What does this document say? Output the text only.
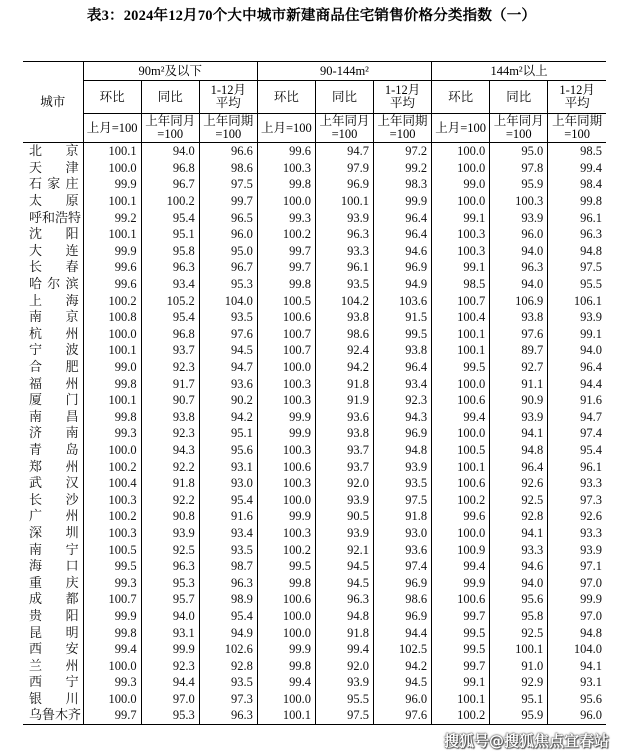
表3：2024年12月70个大中城市新建商品住宅销售价格分类指数（一）
城市	90m²及以下			90-144m²			144m²以上		
	环比	同比	1-12月平均	环比	同比	1-12月平均	环比	同比	1-12月平均
	上月=100	上年同月=100	上年同期=100	上月=100	上年同月=100	上年同期=100	上月=100	上年同月=100	上年同期=100
北京	100.1	94.0	96.6	99.6	94.7	97.2	100.0	95.0	98.5
天津	100.0	96.8	98.6	100.3	97.9	99.2	100.0	97.8	99.4
石家庄	99.9	96.7	97.5	99.8	96.9	98.3	99.0	95.9	98.4
太原	100.1	100.2	99.7	100.0	100.1	99.9	100.0	100.3	99.8
呼和浩特	99.2	95.4	96.5	99.3	93.9	96.4	99.1	93.9	96.1
沈阳	100.1	95.1	96.0	100.2	96.3	96.4	100.3	96.0	96.3
大连	99.9	95.8	95.0	99.7	93.3	94.6	100.3	94.0	94.8
长春	99.6	96.3	96.7	99.7	96.1	96.9	99.1	96.3	97.5
哈尔滨	99.6	93.4	95.3	99.8	93.5	94.9	98.5	94.0	95.5
上海	100.2	105.2	104.0	100.5	104.2	103.6	100.7	106.9	106.1
南京	100.8	95.4	93.5	100.6	93.8	91.5	100.4	93.8	93.9
杭州	100.0	96.8	97.6	100.7	98.6	99.5	100.1	97.6	99.1
宁波	100.1	93.7	94.5	100.7	92.4	93.8	100.1	89.7	94.0
合肥	99.0	92.3	94.7	100.0	94.2	96.4	99.5	92.7	96.4
福州	99.8	91.7	93.6	100.3	91.8	93.4	100.0	91.1	94.4
厦门	100.1	90.7	90.2	100.3	91.9	92.3	100.6	90.9	91.6
南昌	99.8	93.8	94.2	99.9	93.6	94.3	99.4	93.9	94.7
济南	99.3	92.3	95.1	99.9	93.8	96.9	100.0	94.1	97.4
青岛	100.0	94.3	95.6	100.3	93.7	94.8	100.5	94.8	95.4
郑州	100.2	92.2	93.1	100.6	93.7	93.9	100.1	96.4	96.1
武汉	100.4	91.8	93.0	100.3	92.0	93.5	100.6	92.6	93.3
长沙	100.3	92.2	95.4	100.0	93.9	97.5	100.2	92.5	97.3
广州	100.2	90.8	91.6	99.9	90.5	91.8	99.6	92.8	92.6
深圳	100.3	93.9	93.4	100.3	93.9	93.0	100.0	94.1	93.3
南宁	100.5	92.5	93.5	100.2	92.1	93.6	100.9	93.3	93.9
海口	99.5	96.3	98.7	99.5	94.5	97.4	99.4	94.6	97.1
重庆	99.3	95.3	96.3	99.8	94.5	96.9	99.9	94.0	97.0
成都	100.7	95.7	98.9	100.6	96.3	98.6	100.6	95.6	99.9
贵阳	99.9	94.0	95.4	100.0	94.8	96.9	99.7	95.8	97.0
昆明	99.8	93.1	94.9	100.0	91.8	94.4	99.5	92.5	94.8
西安	99.4	99.9	102.6	99.9	99.4	102.5	99.5	100.1	104.0
兰州	100.0	92.3	92.8	99.8	92.0	94.2	99.7	91.0	94.1
西宁	99.3	94.4	93.5	99.4	93.9	94.5	99.1	92.9	93.1
银川	100.0	97.0	97.3	100.0	95.5	96.0	100.1	95.1	95.6
乌鲁木齐	99.7	95.3	96.3	100.1	97.5	97.6	100.2	95.9	96.0
搜狐号@搜狐焦点宜春站
